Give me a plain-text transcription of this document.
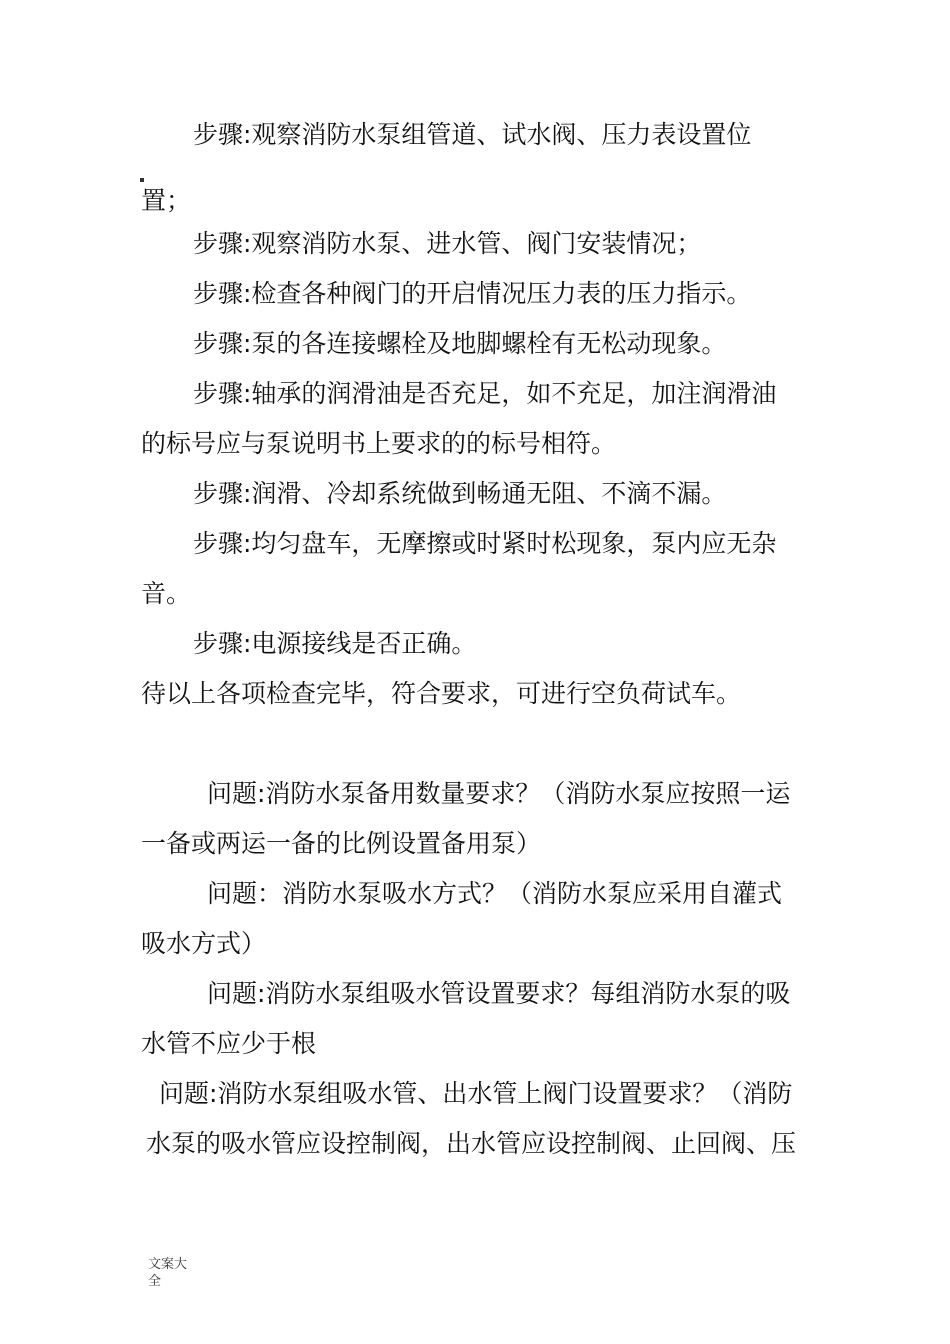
步骤:观察消防水泵组管道、试水阀、压力表设置位
置；
步骤:观察消防水泵、进水管、阀门安装情况；
步骤:检查各种阀门的开启情况压力表的压力指示。
步骤:泵的各连接螺栓及地脚螺栓有无松动现象。
步骤:轴承的润滑油是否充足，如不充足，加注润滑油
的标号应与泵说明书上要求的的标号相符。
步骤:润滑、冷却系统做到畅通无阻、不滴不漏。
步骤:均匀盘车，无摩擦或时紧时松现象，泵内应无杂
音。
步骤:电源接线是否正确。
待以上各项检查完毕，符合要求，可进行空负荷试车。
问题:消防水泵备用数量要求？（消防水泵应按照一运
一备或两运一备的比例设置备用泵）
问题：消防水泵吸水方式？（消防水泵应采用自灌式
吸水方式）
问题:消防水泵组吸水管设置要求？每组消防水泵的吸
水管不应少于根
问题:消防水泵组吸水管、出水管上阀门设置要求？（消防
水泵的吸水管应设控制阀，出水管应设控制阀、止回阀、压
文案大全
